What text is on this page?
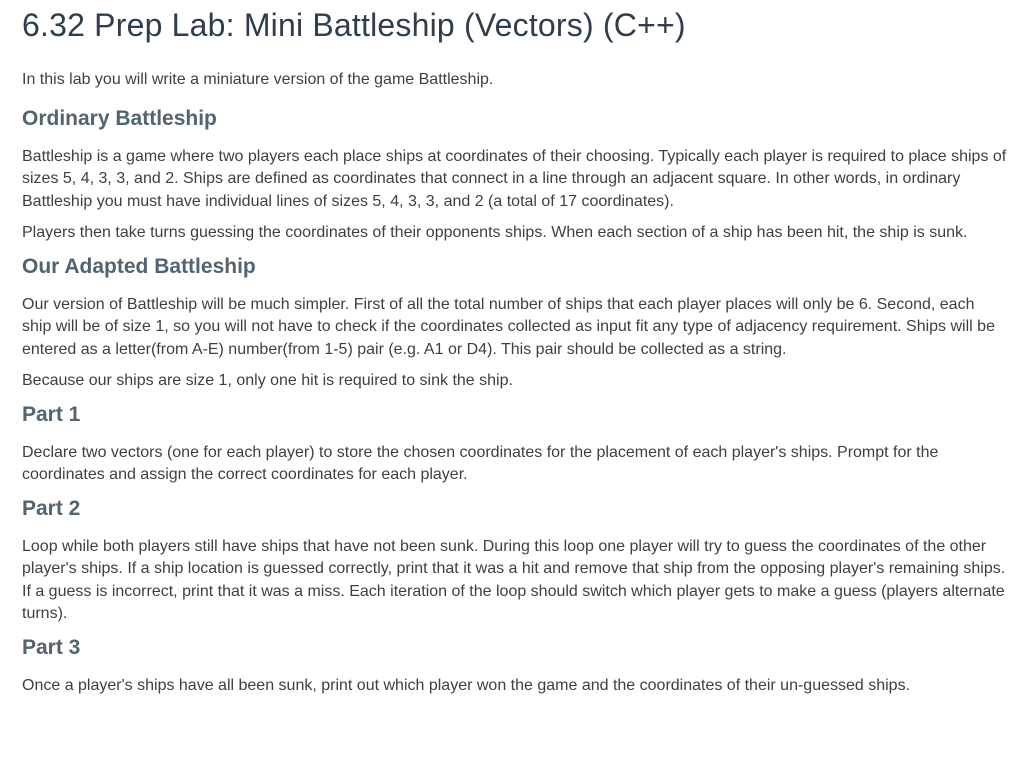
6.32 Prep Lab: Mini Battleship (Vectors) (C++)

In this lab you will write a miniature version of the game Battleship.

Ordinary Battleship

Battleship is a game where two players each place ships at coordinates of their choosing. Typically each player is required to place ships of sizes 5, 4, 3, 3, and 2. Ships are defined as coordinates that connect in a line through an adjacent square. In other words, in ordinary Battleship you must have individual lines of sizes 5, 4, 3, 3, and 2 (a total of 17 coordinates).

Players then take turns guessing the coordinates of their opponents ships. When each section of a ship has been hit, the ship is sunk.

Our Adapted Battleship

Our version of Battleship will be much simpler. First of all the total number of ships that each player places will only be 6. Second, each ship will be of size 1, so you will not have to check if the coordinates collected as input fit any type of adjacency requirement. Ships will be entered as a letter(from A-E) number(from 1-5) pair (e.g. A1 or D4). This pair should be collected as a string.

Because our ships are size 1, only one hit is required to sink the ship.

Part 1

Declare two vectors (one for each player) to store the chosen coordinates for the placement of each player's ships. Prompt for the coordinates and assign the correct coordinates for each player.

Part 2

Loop while both players still have ships that have not been sunk. During this loop one player will try to guess the coordinates of the other player's ships. If a ship location is guessed correctly, print that it was a hit and remove that ship from the opposing player's remaining ships. If a guess is incorrect, print that it was a miss. Each iteration of the loop should switch which player gets to make a guess (players alternate turns).

Part 3

Once a player's ships have all been sunk, print out which player won the game and the coordinates of their un-guessed ships.
